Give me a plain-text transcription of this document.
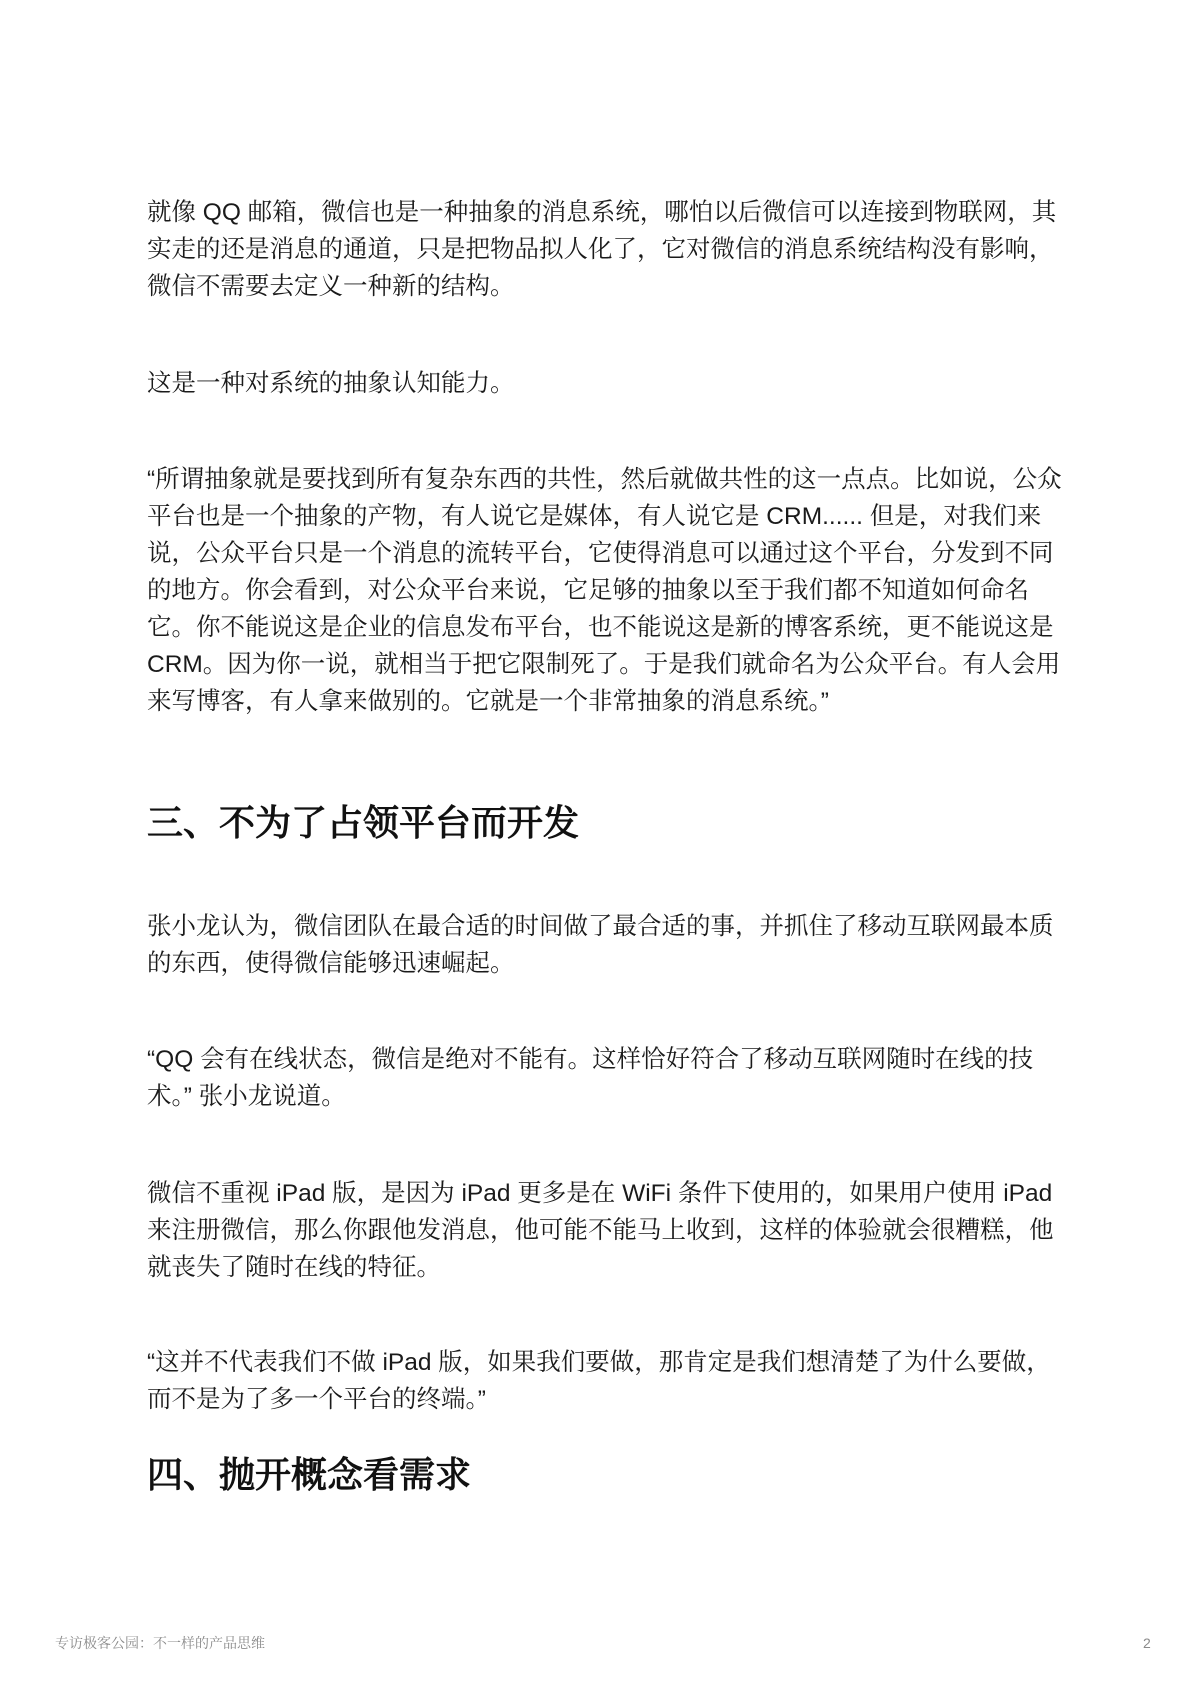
就像 QQ 邮箱，微信也是一种抽象的消息系统，哪怕以后微信可以连接到物联网，其
实走的还是消息的通道，只是把物品拟人化了，它对微信的消息系统结构没有影响，
微信不需要去定义一种新的结构。
这是一种对系统的抽象认知能力。
“所谓抽象就是要找到所有复杂东西的共性，然后就做共性的这一点点。比如说，公众
平台也是一个抽象的产物，有人说它是媒体，有人说它是 CRM...... 但是，对我们来
说，公众平台只是一个消息的流转平台，它使得消息可以通过这个平台，分发到不同
的地方。你会看到，对公众平台来说，它足够的抽象以至于我们都不知道如何命名
它。你不能说这是企业的信息发布平台，也不能说这是新的博客系统，更不能说这是
CRM。因为你一说，就相当于把它限制死了。于是我们就命名为公众平台。有人会用
来写博客，有人拿来做别的。它就是一个非常抽象的消息系统。”
三、不为了占领平台而开发
张小龙认为，微信团队在最合适的时间做了最合适的事，并抓住了移动互联网最本质
的东西，使得微信能够迅速崛起。
“QQ 会有在线状态，微信是绝对不能有。这样恰好符合了移动互联网随时在线的技
术。” 张小龙说道。
微信不重视 iPad 版，是因为 iPad 更多是在 WiFi 条件下使用的，如果用户使用 iPad
来注册微信，那么你跟他发消息，他可能不能马上收到，这样的体验就会很糟糕，他
就丧失了随时在线的特征。
“这并不代表我们不做 iPad 版，如果我们要做，那肯定是我们想清楚了为什么要做，
而不是为了多一个平台的终端。”
四、抛开概念看需求
专访极客公园：不一样的产品思维	2
